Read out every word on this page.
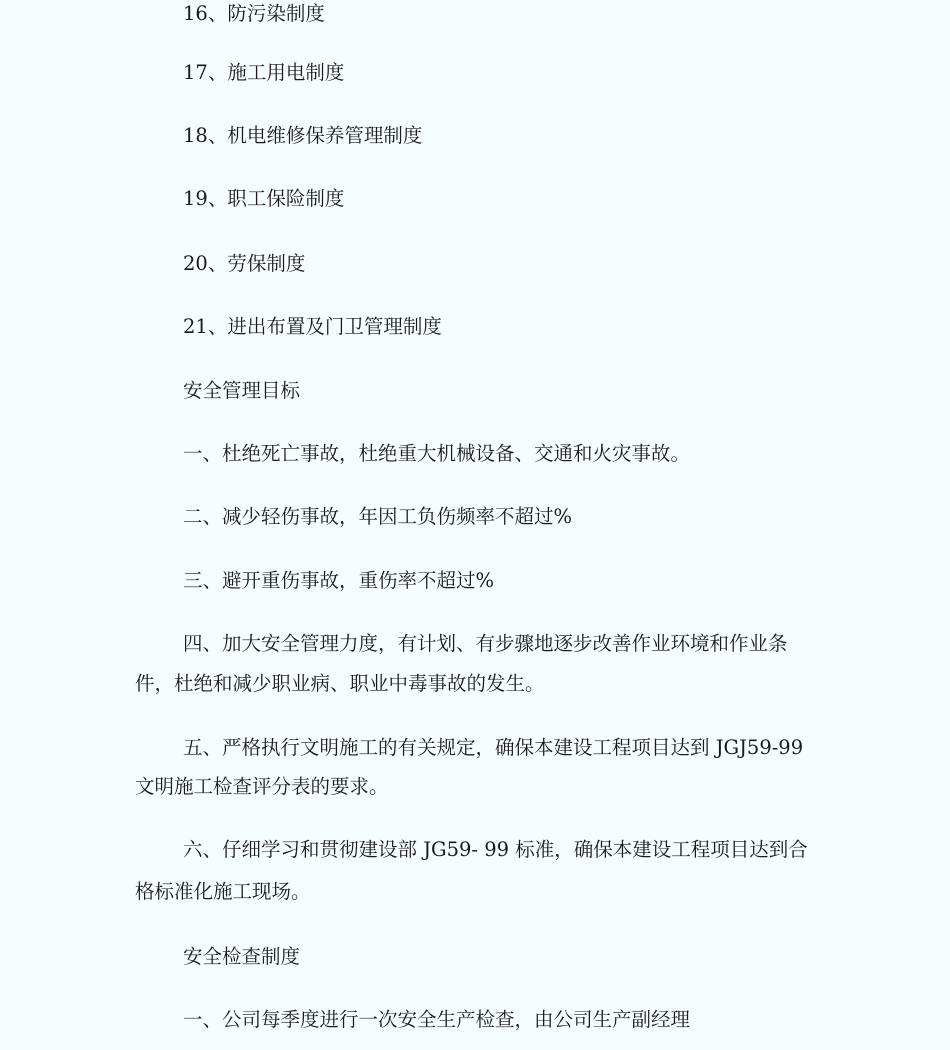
16、防污染制度
17、施工用电制度
18、机电维修保养管理制度
19、职工保险制度
20、劳保制度
21、进出布置及门卫管理制度
安全管理目标
一、杜绝死亡事故，杜绝重大机械设备、交通和火灾事故。
二、减少轻伤事故，年因工负伤频率不超过%
三、避开重伤事故，重伤率不超过%
四、加大安全管理力度，有计划、有步骤地逐步改善作业环境和作业条
件，杜绝和减少职业病、职业中毒事故的发生。
五、严格执行文明施工的有关规定，确保本建设工程项目达到 JGJ59-99
文明施工检查评分表的要求。
六、仔细学习和贯彻建设部 JG59- 99 标准，确保本建设工程项目达到合
格标准化施工现场。
安全检查制度
一、公司每季度进行一次安全生产检查，由公司生产副经理
